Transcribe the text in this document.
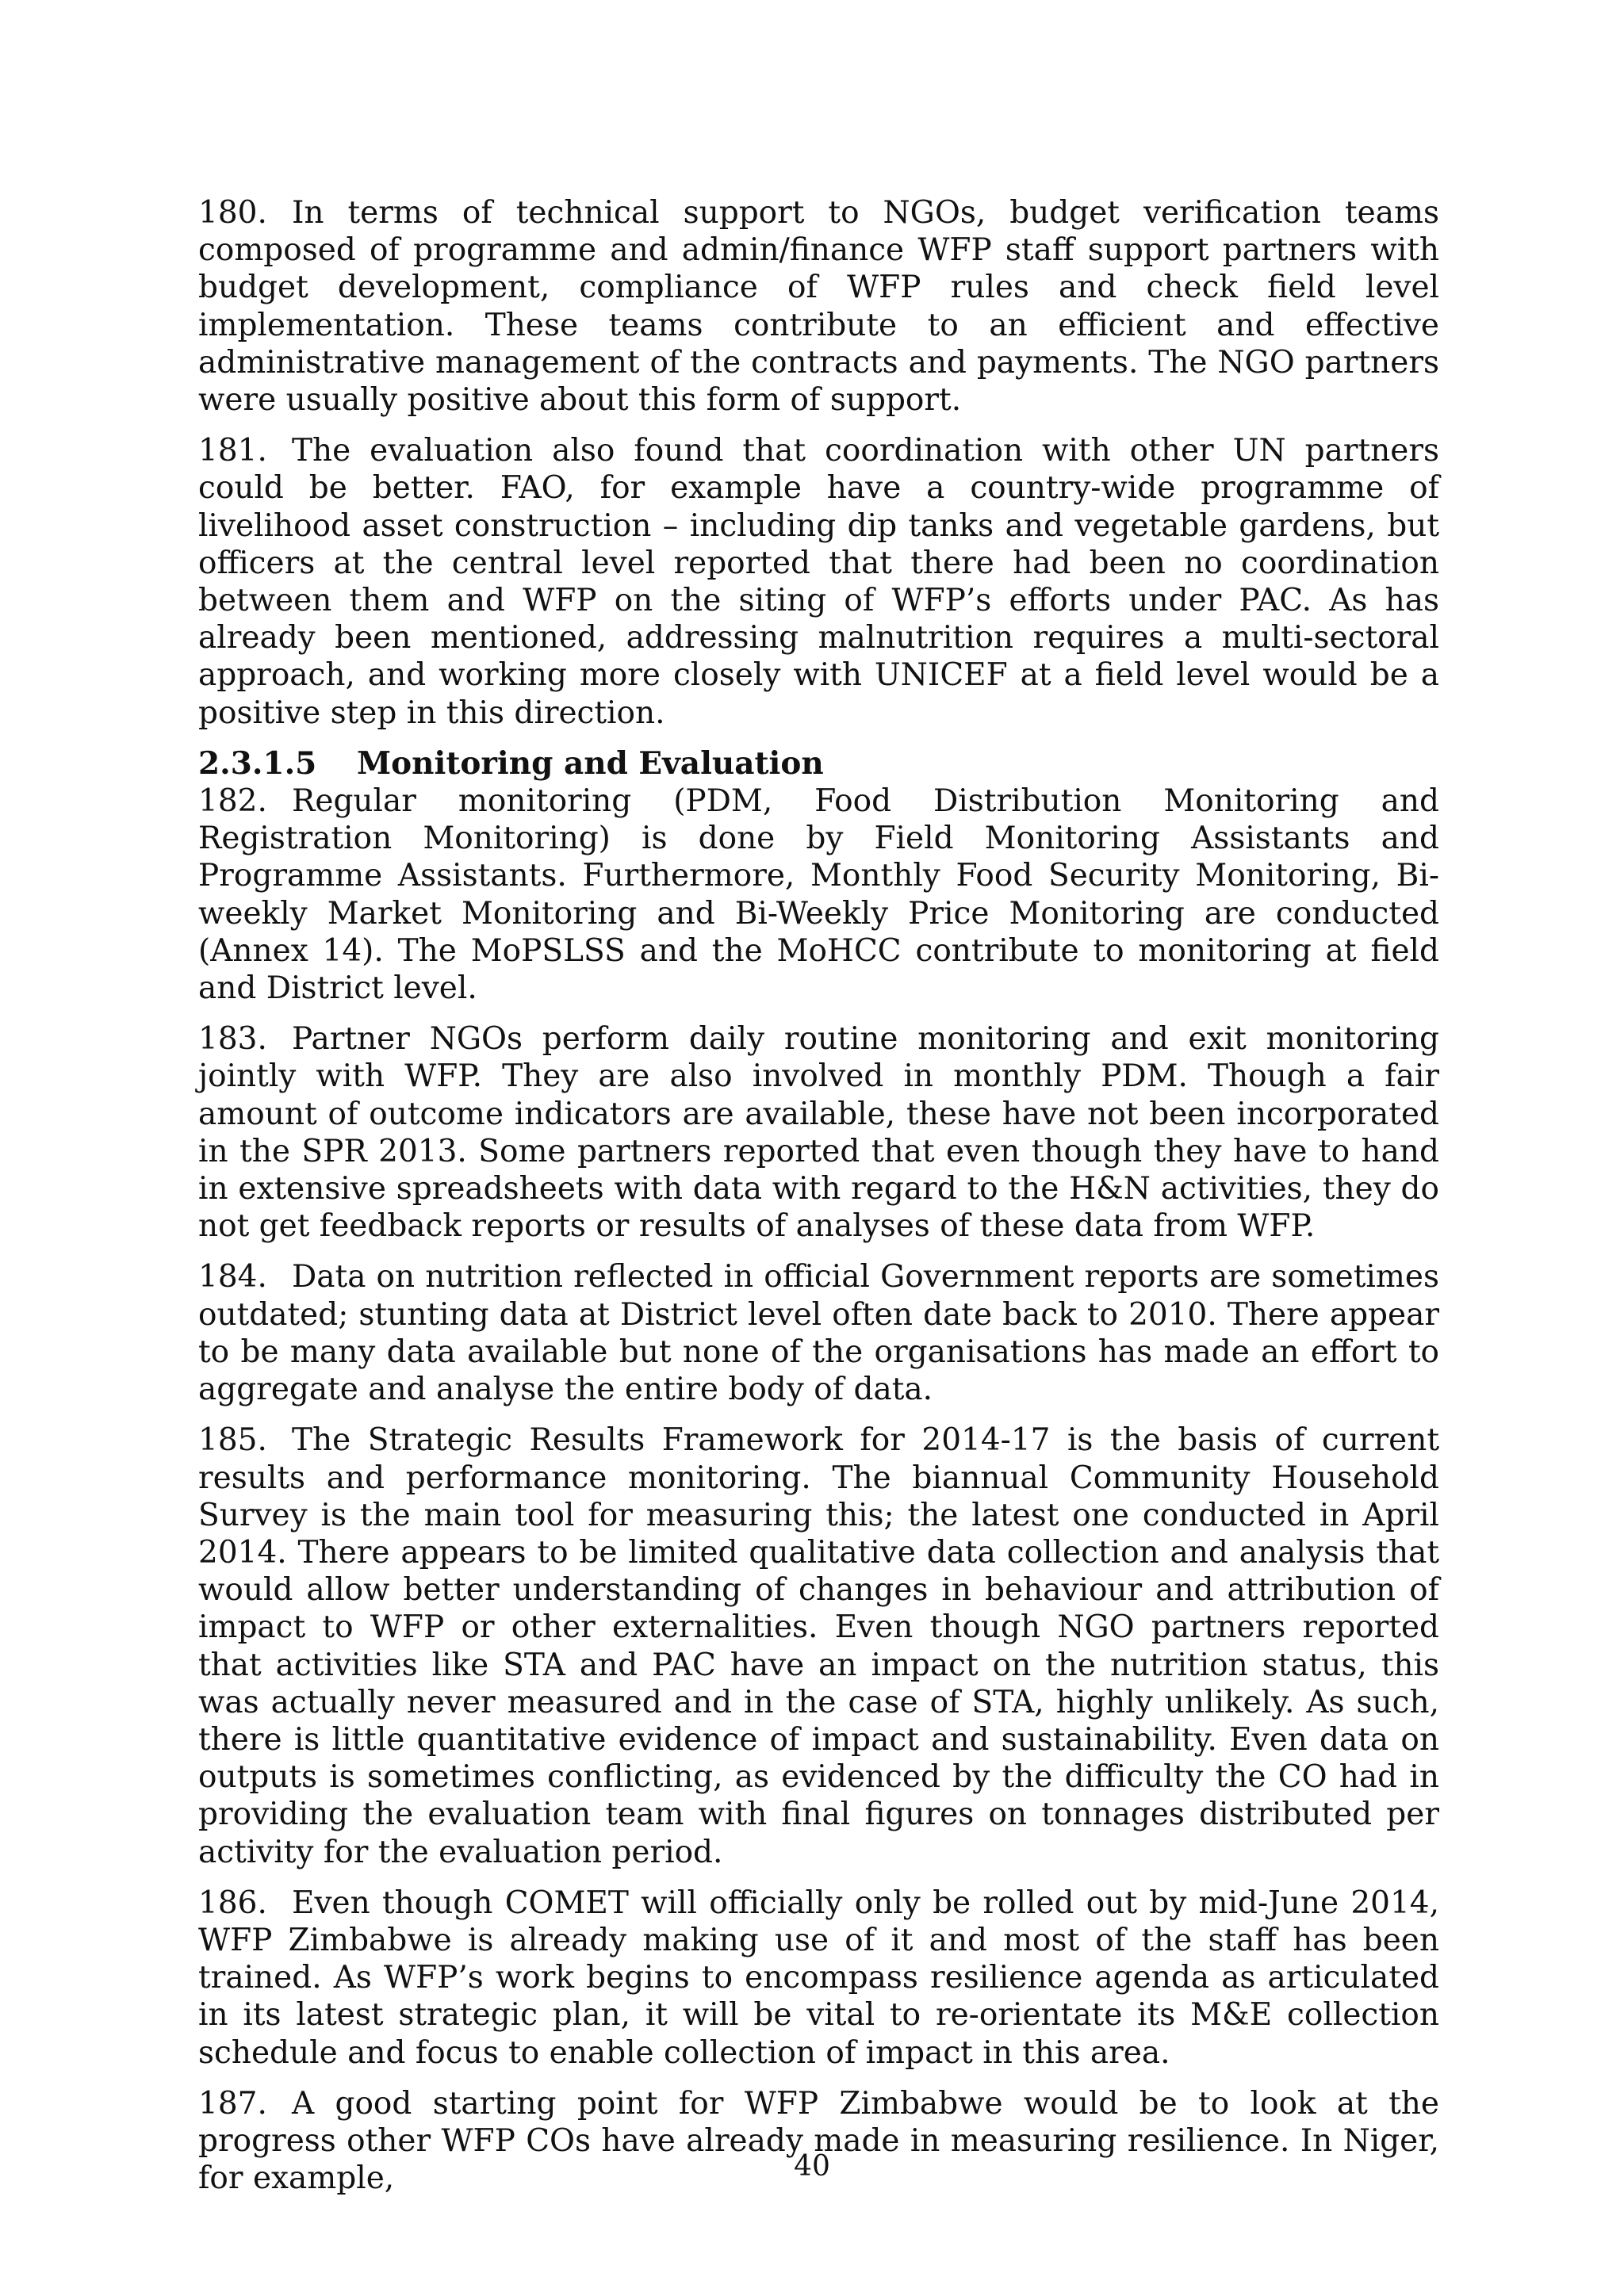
180. In terms of technical support to NGOs, budget verification teams composed of programme and admin/finance WFP staff support partners with budget development, compliance of WFP rules and check field level implementation. These teams contribute to an efficient and effective administrative management of the contracts and payments. The NGO partners were usually positive about this form of support.

181. The evaluation also found that coordination with other UN partners could be better. FAO, for example have a country-wide programme of livelihood asset construction – including dip tanks and vegetable gardens, but officers at the central level reported that there had been no coordination between them and WFP on the siting of WFP’s efforts under PAC. As has already been mentioned, addressing malnutrition requires a multi-sectoral approach, and working more closely with UNICEF at a field level would be a positive step in this direction.

2.3.1.5 Monitoring and Evaluation

182. Regular monitoring (PDM, Food Distribution Monitoring and Registration Monitoring) is done by Field Monitoring Assistants and Programme Assistants. Furthermore, Monthly Food Security Monitoring, Bi-weekly Market Monitoring and Bi-Weekly Price Monitoring are conducted (Annex 14). The MoPSLSS and the MoHCC contribute to monitoring at field and District level.

183. Partner NGOs perform daily routine monitoring and exit monitoring jointly with WFP. They are also involved in monthly PDM. Though a fair amount of outcome indicators are available, these have not been incorporated in the SPR 2013. Some partners reported that even though they have to hand in extensive spreadsheets with data with regard to the H&N activities, they do not get feedback reports or results of analyses of these data from WFP.

184. Data on nutrition reflected in official Government reports are sometimes outdated; stunting data at District level often date back to 2010. There appear to be many data available but none of the organisations has made an effort to aggregate and analyse the entire body of data.

185. The Strategic Results Framework for 2014-17 is the basis of current results and performance monitoring. The biannual Community Household Survey is the main tool for measuring this; the latest one conducted in April 2014. There appears to be limited qualitative data collection and analysis that would allow better understanding of changes in behaviour and attribution of impact to WFP or other externalities. Even though NGO partners reported that activities like STA and PAC have an impact on the nutrition status, this was actually never measured and in the case of STA, highly unlikely. As such, there is little quantitative evidence of impact and sustainability. Even data on outputs is sometimes conflicting, as evidenced by the difficulty the CO had in providing the evaluation team with final figures on tonnages distributed per activity for the evaluation period.

186. Even though COMET will officially only be rolled out by mid-June 2014, WFP Zimbabwe is already making use of it and most of the staff has been trained. As WFP’s work begins to encompass resilience agenda as articulated in its latest strategic plan, it will be vital to re-orientate its M&E collection schedule and focus to enable collection of impact in this area.

187. A good starting point for WFP Zimbabwe would be to look at the progress other WFP COs have already made in measuring resilience. In Niger, for example,	40
